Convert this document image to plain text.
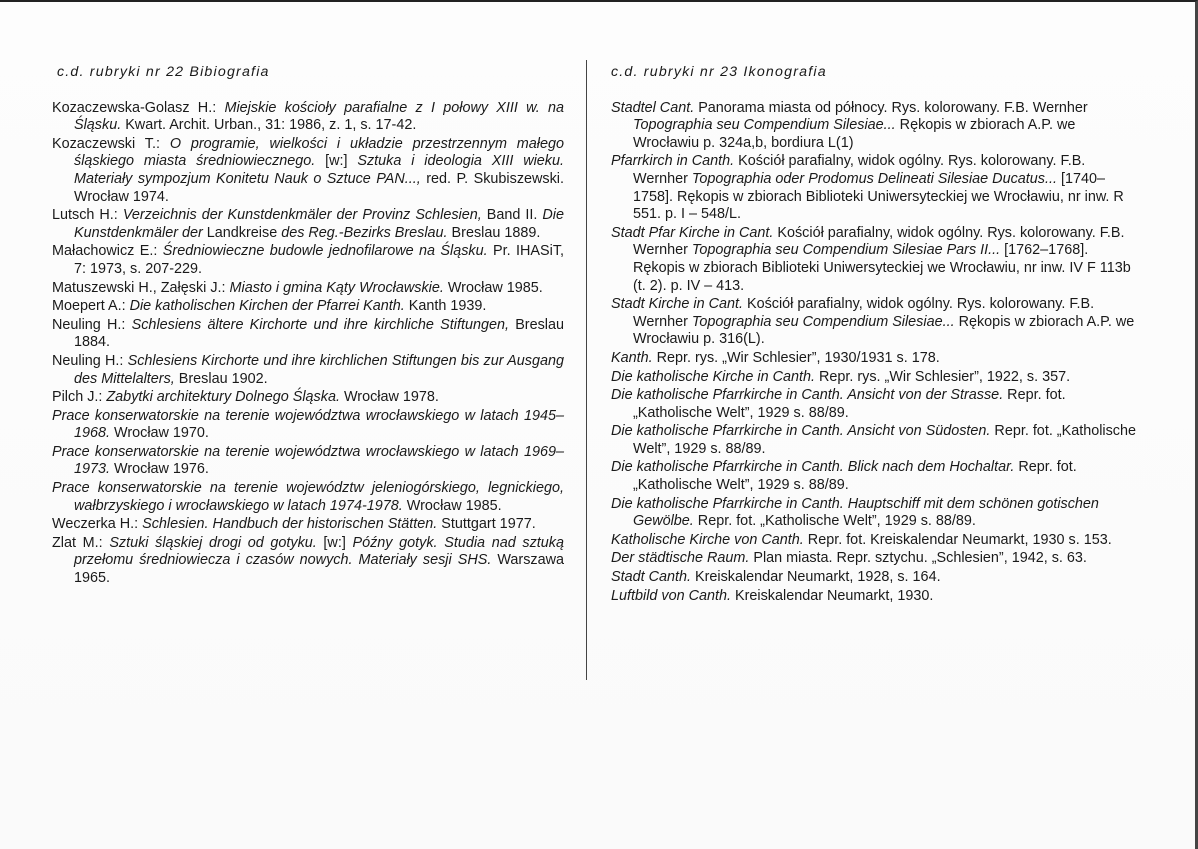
c.d. rubryki nr 22 Bibiografia
Kozaczewska-Golasz H.: Miejskie kościoły parafialne z I połowy XIII w. na Śląsku. Kwart. Archit. Urban., 31: 1986, z. 1, s. 17-42.
Kozaczewski T.: O programie, wielkości i układzie przestrzennym małego śląskiego miasta średniowiecznego. [w:] Sztuka i ideologia XIII wieku. Materiały sympozjum Konitetu Nauk o Sztuce PAN..., red. P. Skubiszewski. Wrocław 1974.
Lutsch H.: Verzeichnis der Kunstdenkmäler der Provinz Schlesien, Band II. Die Kunstdenkmäler der Landkreise des Reg.-Bezirks Breslau. Breslau 1889.
Małachowicz E.: Średniowieczne budowle jednofilarowe na Śląsku. Pr. IHASiT, 7: 1973, s. 207-229.
Matuszewski H., Załęski J.: Miasto i gmina Kąty Wrocławskie. Wrocław 1985.
Moepert A.: Die katholischen Kirchen der Pfarrei Kanth. Kanth 1939.
Neuling H.: Schlesiens ältere Kirchorte und ihre kirchliche Stiftungen, Breslau 1884.
Neuling H.: Schlesiens Kirchorte und ihre kirchlichen Stiftungen bis zur Ausgang des Mittelalters, Breslau 1902.
Pilch J.: Zabytki architektury Dolnego Śląska. Wrocław 1978.
Prace konserwatorskie na terenie województwa wrocławskiego w latach 1945–1968. Wrocław 1970.
Prace konserwatorskie na terenie województwa wrocławskiego w latach 1969–1973. Wrocław 1976.
Prace konserwatorskie na terenie województw jeleniogórskiego, legnickiego, wałbrzyskiego i wrocławskiego w latach 1974-1978. Wrocław 1985.
Weczerka H.: Schlesien. Handbuch der historischen Stätten. Stuttgart 1977.
Zlat M.: Sztuki śląskiej drogi od gotyku. [w:] Późny gotyk. Studia nad sztuką przełomu średniowiecza i czasów nowych. Materiały sesji SHS. Warszawa 1965.
c.d. rubryki nr 23 Ikonografia
Stadtel Cant. Panorama miasta od północy. Rys. kolorowany. F.B. Wernher Topographia seu Compendium Silesiae... Rękopis w zbiorach A.P. we Wrocławiu p. 324a,b, bordiura L(1)
Pfarrkirch in Canth. Kościół parafialny, widok ogólny. Rys. kolorowany. F.B. Wernher Topographia oder Prodomus Delineati Silesiae Ducatus... [1740–1758]. Rękopis w zbiorach Biblioteki Uniwersyteckiej we Wrocławiu, nr inw. R 551. p. I – 548/L.
Stadt Pfar Kirche in Cant. Kościół parafialny, widok ogólny. Rys. kolorowany. F.B. Wernher Topographia seu Compendium Silesiae Pars II... [1762–1768]. Rękopis w zbiorach Biblioteki Uniwersyteckiej we Wrocławiu, nr inw. IV F 113b (t. 2). p. IV – 413.
Stadt Kirche in Cant. Kościół parafialny, widok ogólny. Rys. kolorowany. F.B. Wernher Topographia seu Compendium Silesiae... Rękopis w zbiorach A.P. we Wrocławiu p. 316(L).
Kanth. Repr. rys. „Wir Schlesier”, 1930/1931 s. 178.
Die katholische Kirche in Canth. Repr. rys. „Wir Schlesier”, 1922, s. 357.
Die katholische Pfarrkirche in Canth. Ansicht von der Strasse. Repr. fot. „Katholische Welt”, 1929 s. 88/89.
Die katholische Pfarrkirche in Canth. Ansicht von Südosten. Repr. fot. „Katholische Welt”, 1929 s. 88/89.
Die katholische Pfarrkirche in Canth. Blick nach dem Hochaltar. Repr. fot. „Katholische Welt”, 1929 s. 88/89.
Die katholische Pfarrkirche in Canth. Hauptschiff mit dem schönen gotischen Gewölbe. Repr. fot. „Katholische Welt”, 1929 s. 88/89.
Katholische Kirche von Canth. Repr. fot. Kreiskalendar Neumarkt, 1930 s. 153.
Der städtische Raum. Plan miasta. Repr. sztychu. „Schlesien”, 1942, s. 63.
Stadt Canth. Kreiskalendar Neumarkt, 1928, s. 164.
Luftbild von Canth. Kreiskalendar Neumarkt, 1930.
